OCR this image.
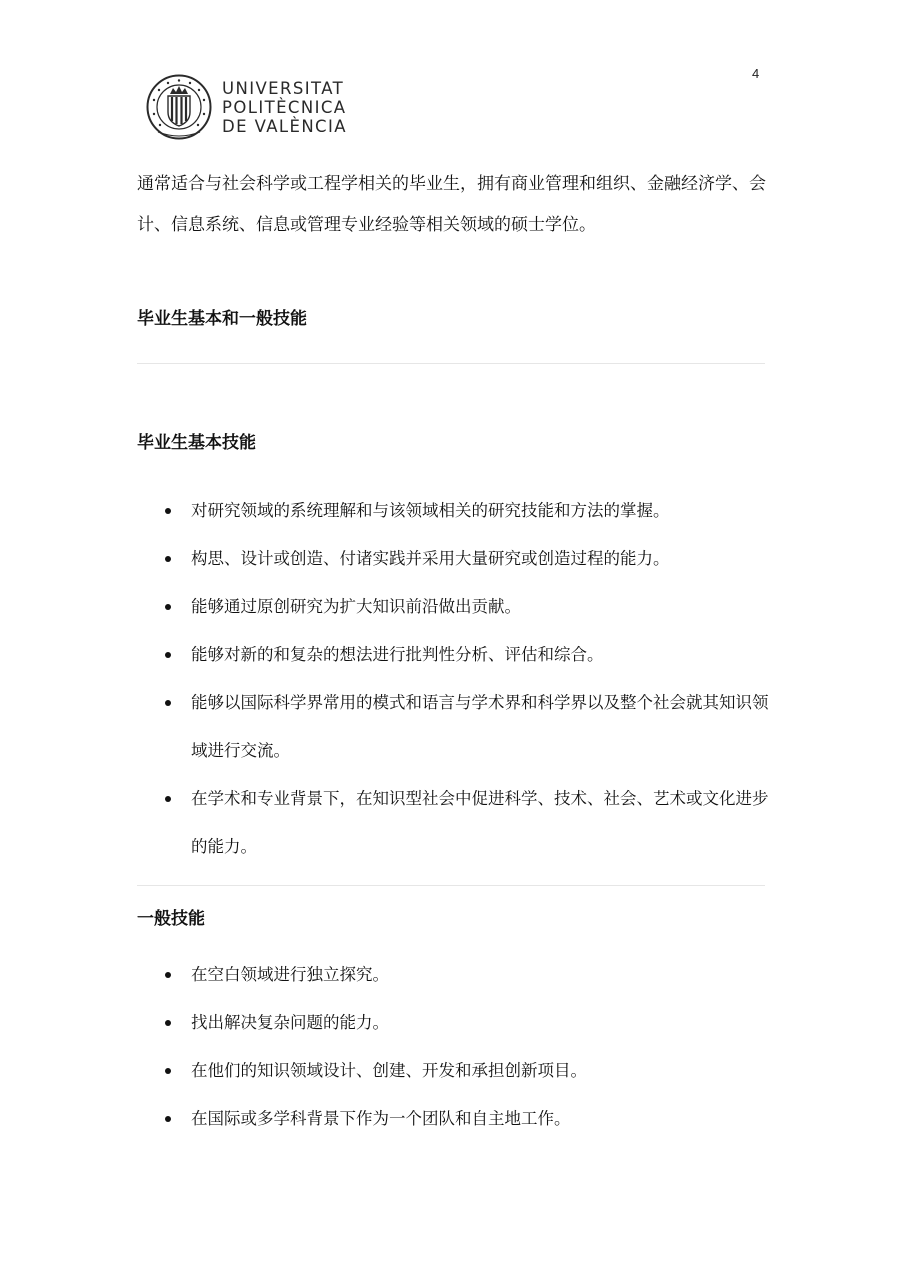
4
UNIVERSITAT
POLITÈCNICA
DE VALÈNCIA

通常适合与社会科学或工程学相关的毕业生，拥有商业管理和组织、金融经济学、会计、信息系统、信息或管理专业经验等相关领域的硕士学位。

毕业生基本和一般技能
毕业生基本技能
对研究领域的系统理解和与该领域相关的研究技能和方法的掌握。
构思、设计或创造、付诸实践并采用大量研究或创造过程的能力。
能够通过原创研究为扩大知识前沿做出贡献。
能够对新的和复杂的想法进行批判性分析、评估和综合。
能够以国际科学界常用的模式和语言与学术界和科学界以及整个社会就其知识领域进行交流。
在学术和专业背景下，在知识型社会中促进科学、技术、社会、艺术或文化进步的能力。
一般技能
在空白领域进行独立探究。
找出解决复杂问题的能力。
在他们的知识领域设计、创建、开发和承担创新项目。
在国际或多学科背景下作为一个团队和自主地工作。
